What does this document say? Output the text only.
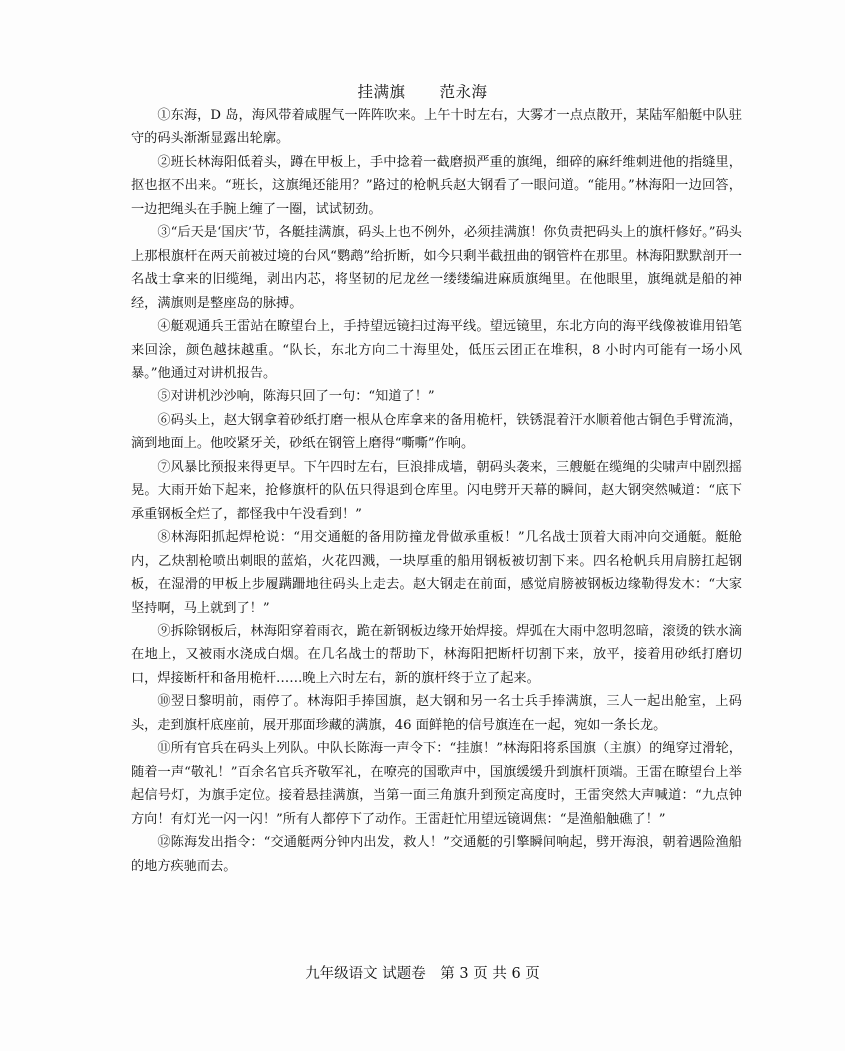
挂满旗 范永海

①东海，D 岛，海风带着咸腥气一阵阵吹来。上午十时左右，大雾才一点点散开，某陆军船艇中队驻守的码头渐渐显露出轮廓。

②班长林海阳低着头，蹲在甲板上，手中捻着一截磨损严重的旗绳，细碎的麻纤维刺进他的指缝里，抠也抠不出来。“班长，这旗绳还能用？”路过的枪帆兵赵大钢看了一眼问道。“能用。”林海阳一边回答，一边把绳头在手腕上缠了一圈，试试韧劲。

③“后天是‘国庆’节，各艇挂满旗，码头上也不例外，必须挂满旗！你负责把码头上的旗杆修好。”码头上那根旗杆在两天前被过境的台风“鹦鹉”给折断，如今只剩半截扭曲的钢管杵在那里。林海阳默默剖开一名战士拿来的旧缆绳，剥出内芯，将坚韧的尼龙丝一缕缕编进麻质旗绳里。在他眼里，旗绳就是船的神经，满旗则是整座岛的脉搏。

④艇观通兵王雷站在瞭望台上，手持望远镜扫过海平线。望远镜里，东北方向的海平线像被谁用铅笔来回涂，颜色越抹越重。“队长，东北方向二十海里处，低压云团正在堆积，8 小时内可能有一场小风暴。”他通过对讲机报告。

⑤对讲机沙沙响，陈海只回了一句：“知道了！”

⑥码头上，赵大钢拿着砂纸打磨一根从仓库拿来的备用桅杆，铁锈混着汗水顺着他古铜色手臂流淌，滴到地面上。他咬紧牙关，砂纸在钢管上磨得“嘶嘶”作响。

⑦风暴比预报来得更早。下午四时左右，巨浪排成墙，朝码头袭来，三艘艇在缆绳的尖啸声中剧烈摇晃。大雨开始下起来，抢修旗杆的队伍只得退到仓库里。闪电劈开天幕的瞬间，赵大钢突然喊道：“底下承重钢板全烂了，都怪我中午没看到！”

⑧林海阳抓起焊枪说：“用交通艇的备用防撞龙骨做承重板！”几名战士顶着大雨冲向交通艇。艇舱内，乙炔割枪喷出刺眼的蓝焰，火花四溅，一块厚重的船用钢板被切割下来。四名枪帆兵用肩膀扛起钢板，在湿滑的甲板上步履蹒跚地往码头上走去。赵大钢走在前面，感觉肩膀被钢板边缘勒得发木：“大家坚持啊，马上就到了！”

⑨拆除钢板后，林海阳穿着雨衣，跪在新钢板边缘开始焊接。焊弧在大雨中忽明忽暗，滚烫的铁水滴在地上，又被雨水浇成白烟。在几名战士的帮助下，林海阳把断杆切割下来，放平，接着用砂纸打磨切口，焊接断杆和备用桅杆……晚上六时左右，新的旗杆终于立了起来。

⑩翌日黎明前，雨停了。林海阳手捧国旗，赵大钢和另一名士兵手捧满旗，三人一起出舱室，上码头，走到旗杆底座前，展开那面珍藏的满旗，46 面鲜艳的信号旗连在一起，宛如一条长龙。

⑪所有官兵在码头上列队。中队长陈海一声令下：“挂旗！”林海阳将系国旗（主旗）的绳穿过滑轮，随着一声“敬礼！”百余名官兵齐敬军礼，在嘹亮的国歌声中，国旗缓缓升到旗杆顶端。王雷在瞭望台上举起信号灯，为旗手定位。接着悬挂满旗，当第一面三角旗升到预定高度时，王雷突然大声喊道：“九点钟方向！有灯光一闪一闪！”所有人都停下了动作。王雷赶忙用望远镜调焦：“是渔船触礁了！”

⑫陈海发出指令：“交通艇两分钟内出发，救人！”交通艇的引擎瞬间响起，劈开海浪，朝着遇险渔船的地方疾驰而去。

九年级语文 试题卷　第 3 页 共 6 页
